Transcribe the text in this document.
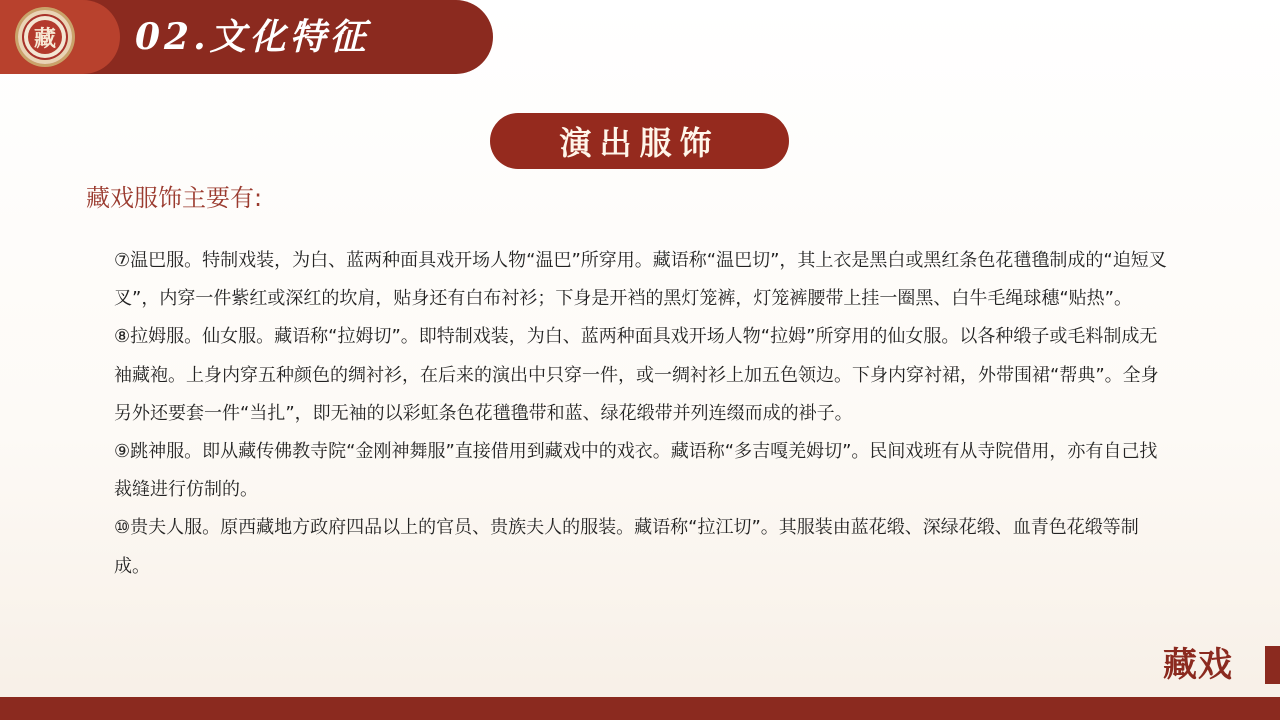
藏 02.文化特征
演出服饰
藏戏服饰主要有:

⑦温巴服。特制戏装，为白、蓝两种面具戏开场人物“温巴”所穿用。藏语称“温巴切”，其上衣是黑白或黑红条色花氆氇制成的“迫短叉叉”，内穿一件紫红或深红的坎肩，贴身还有白布衬衫；下身是开裆的黑灯笼裤，灯笼裤腰带上挂一圈黑、白牛毛绳球穗“贴热”。

⑧拉姆服。仙女服。藏语称“拉姆切”。即特制戏装，为白、蓝两种面具戏开场人物“拉姆”所穿用的仙女服。以各种缎子或毛料制成无袖藏袍。上身内穿五种颜色的绸衬衫，在后来的演出中只穿一件，或一绸衬衫上加五色领边。下身内穿衬裙，外带围裙“帮典”。全身另外还要套一件“当扎”，即无袖的以彩虹条色花氆氇带和蓝、绿花缎带并列连缀而成的褂子。

⑨跳神服。即从藏传佛教寺院“金刚神舞服”直接借用到藏戏中的戏衣。藏语称“多吉嘎羌姆切”。民间戏班有从寺院借用，亦有自己找裁缝进行仿制的。

⑩贵夫人服。原西藏地方政府四品以上的官员、贵族夫人的服装。藏语称“拉江切”。其服装由蓝花缎、深绿花缎、血青色花缎等制成。

藏戏
